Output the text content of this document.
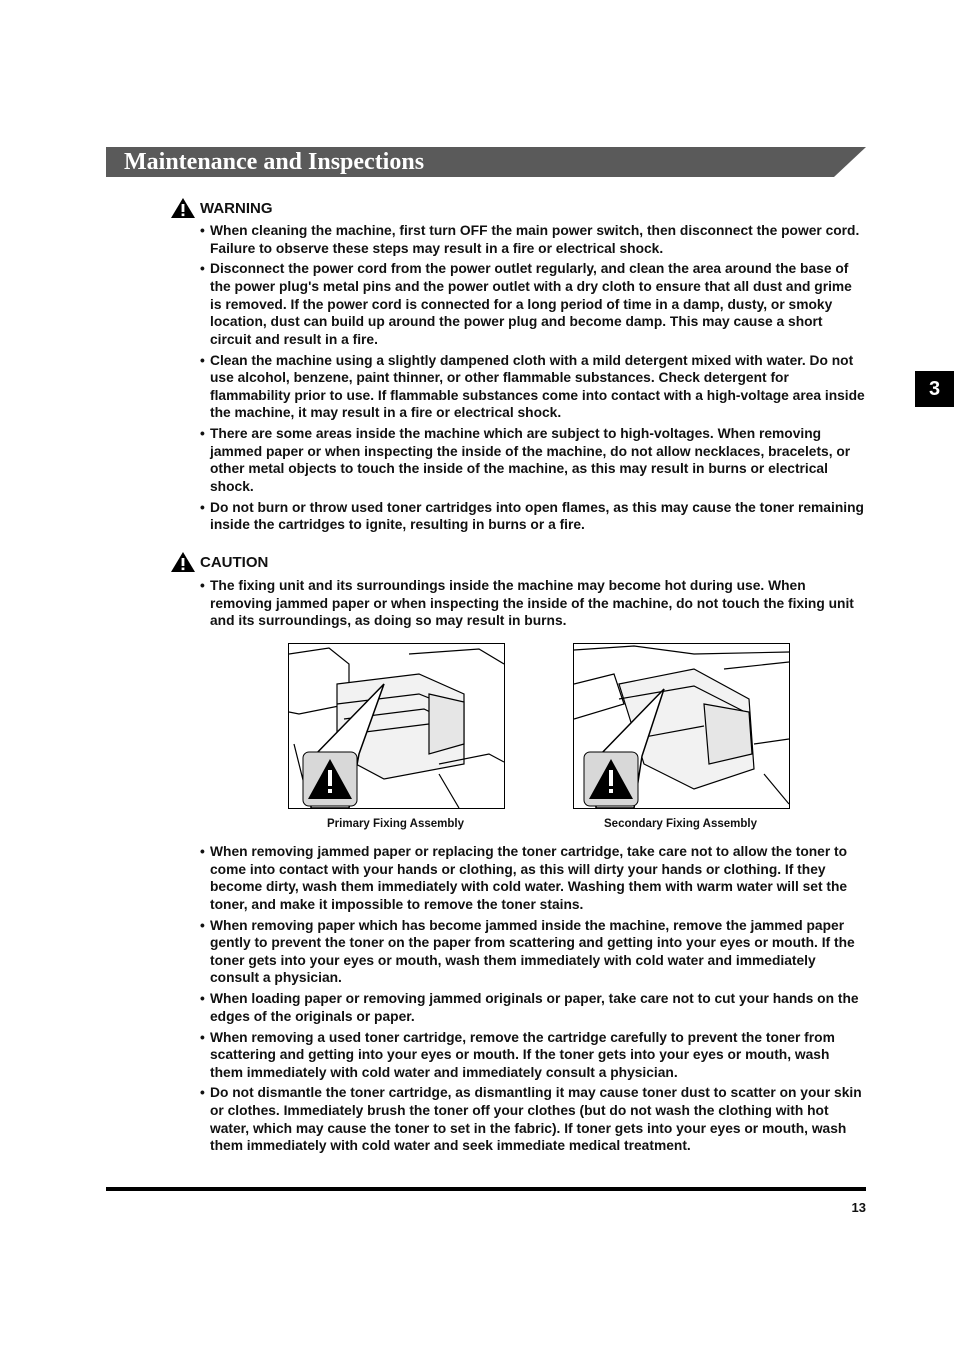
Maintenance and Inspections
3
WARNING
• When cleaning the machine, first turn OFF the main power switch, then disconnect the power cord. Failure to observe these steps may result in a fire or electrical shock.
• Disconnect the power cord from the power outlet regularly, and clean the area around the base of the power plug's metal pins and the power outlet with a dry cloth to ensure that all dust and grime is removed. If the power cord is connected for a long period of time in a damp, dusty, or smoky location, dust can build up around the power plug and become damp. This may cause a short circuit and result in a fire.
• Clean the machine using a slightly dampened cloth with a mild detergent mixed with water. Do not use alcohol, benzene, paint thinner, or other flammable substances. Check detergent for flammability prior to use. If flammable substances come into contact with a high-voltage area inside the machine, it may result in a fire or electrical shock.
• There are some areas inside the machine which are subject to high-voltages. When removing jammed paper or when inspecting the inside of the machine, do not allow necklaces, bracelets, or other metal objects to touch the inside of the machine, as this may result in burns or electrical shock.
• Do not burn or throw used toner cartridges into open flames, as this may cause the toner remaining inside the cartridges to ignite, resulting in burns or a fire.
CAUTION
• The fixing unit and its surroundings inside the machine may become hot during use. When removing jammed paper or when inspecting the inside of the machine, do not touch the fixing unit and its surroundings, as doing so may result in burns.
Primary Fixing Assembly	Secondary Fixing Assembly
• When removing jammed paper or replacing the toner cartridge, take care not to allow the toner to come into contact with your hands or clothing, as this will dirty your hands or clothing. If they become dirty, wash them immediately with cold water. Washing them with warm water will set the toner, and make it impossible to remove the toner stains.
• When removing paper which has become jammed inside the machine, remove the jammed paper gently to prevent the toner on the paper from scattering and getting into your eyes or mouth. If the toner gets into your eyes or mouth, wash them immediately with cold water and immediately consult a physician.
• When loading paper or removing jammed originals or paper, take care not to cut your hands on the edges of the originals or paper.
• When removing a used toner cartridge, remove the cartridge carefully to prevent the toner from scattering and getting into your eyes or mouth. If the toner gets into your eyes or mouth, wash them immediately with cold water and immediately consult a physician.
• Do not dismantle the toner cartridge, as dismantling it may cause toner dust to scatter on your skin or clothes. Immediately brush the toner off your clothes (but do not wash the clothing with hot water, which may cause the toner to set in the fabric). If toner gets into your eyes or mouth, wash them immediately with cold water and seek immediate medical treatment.
13
